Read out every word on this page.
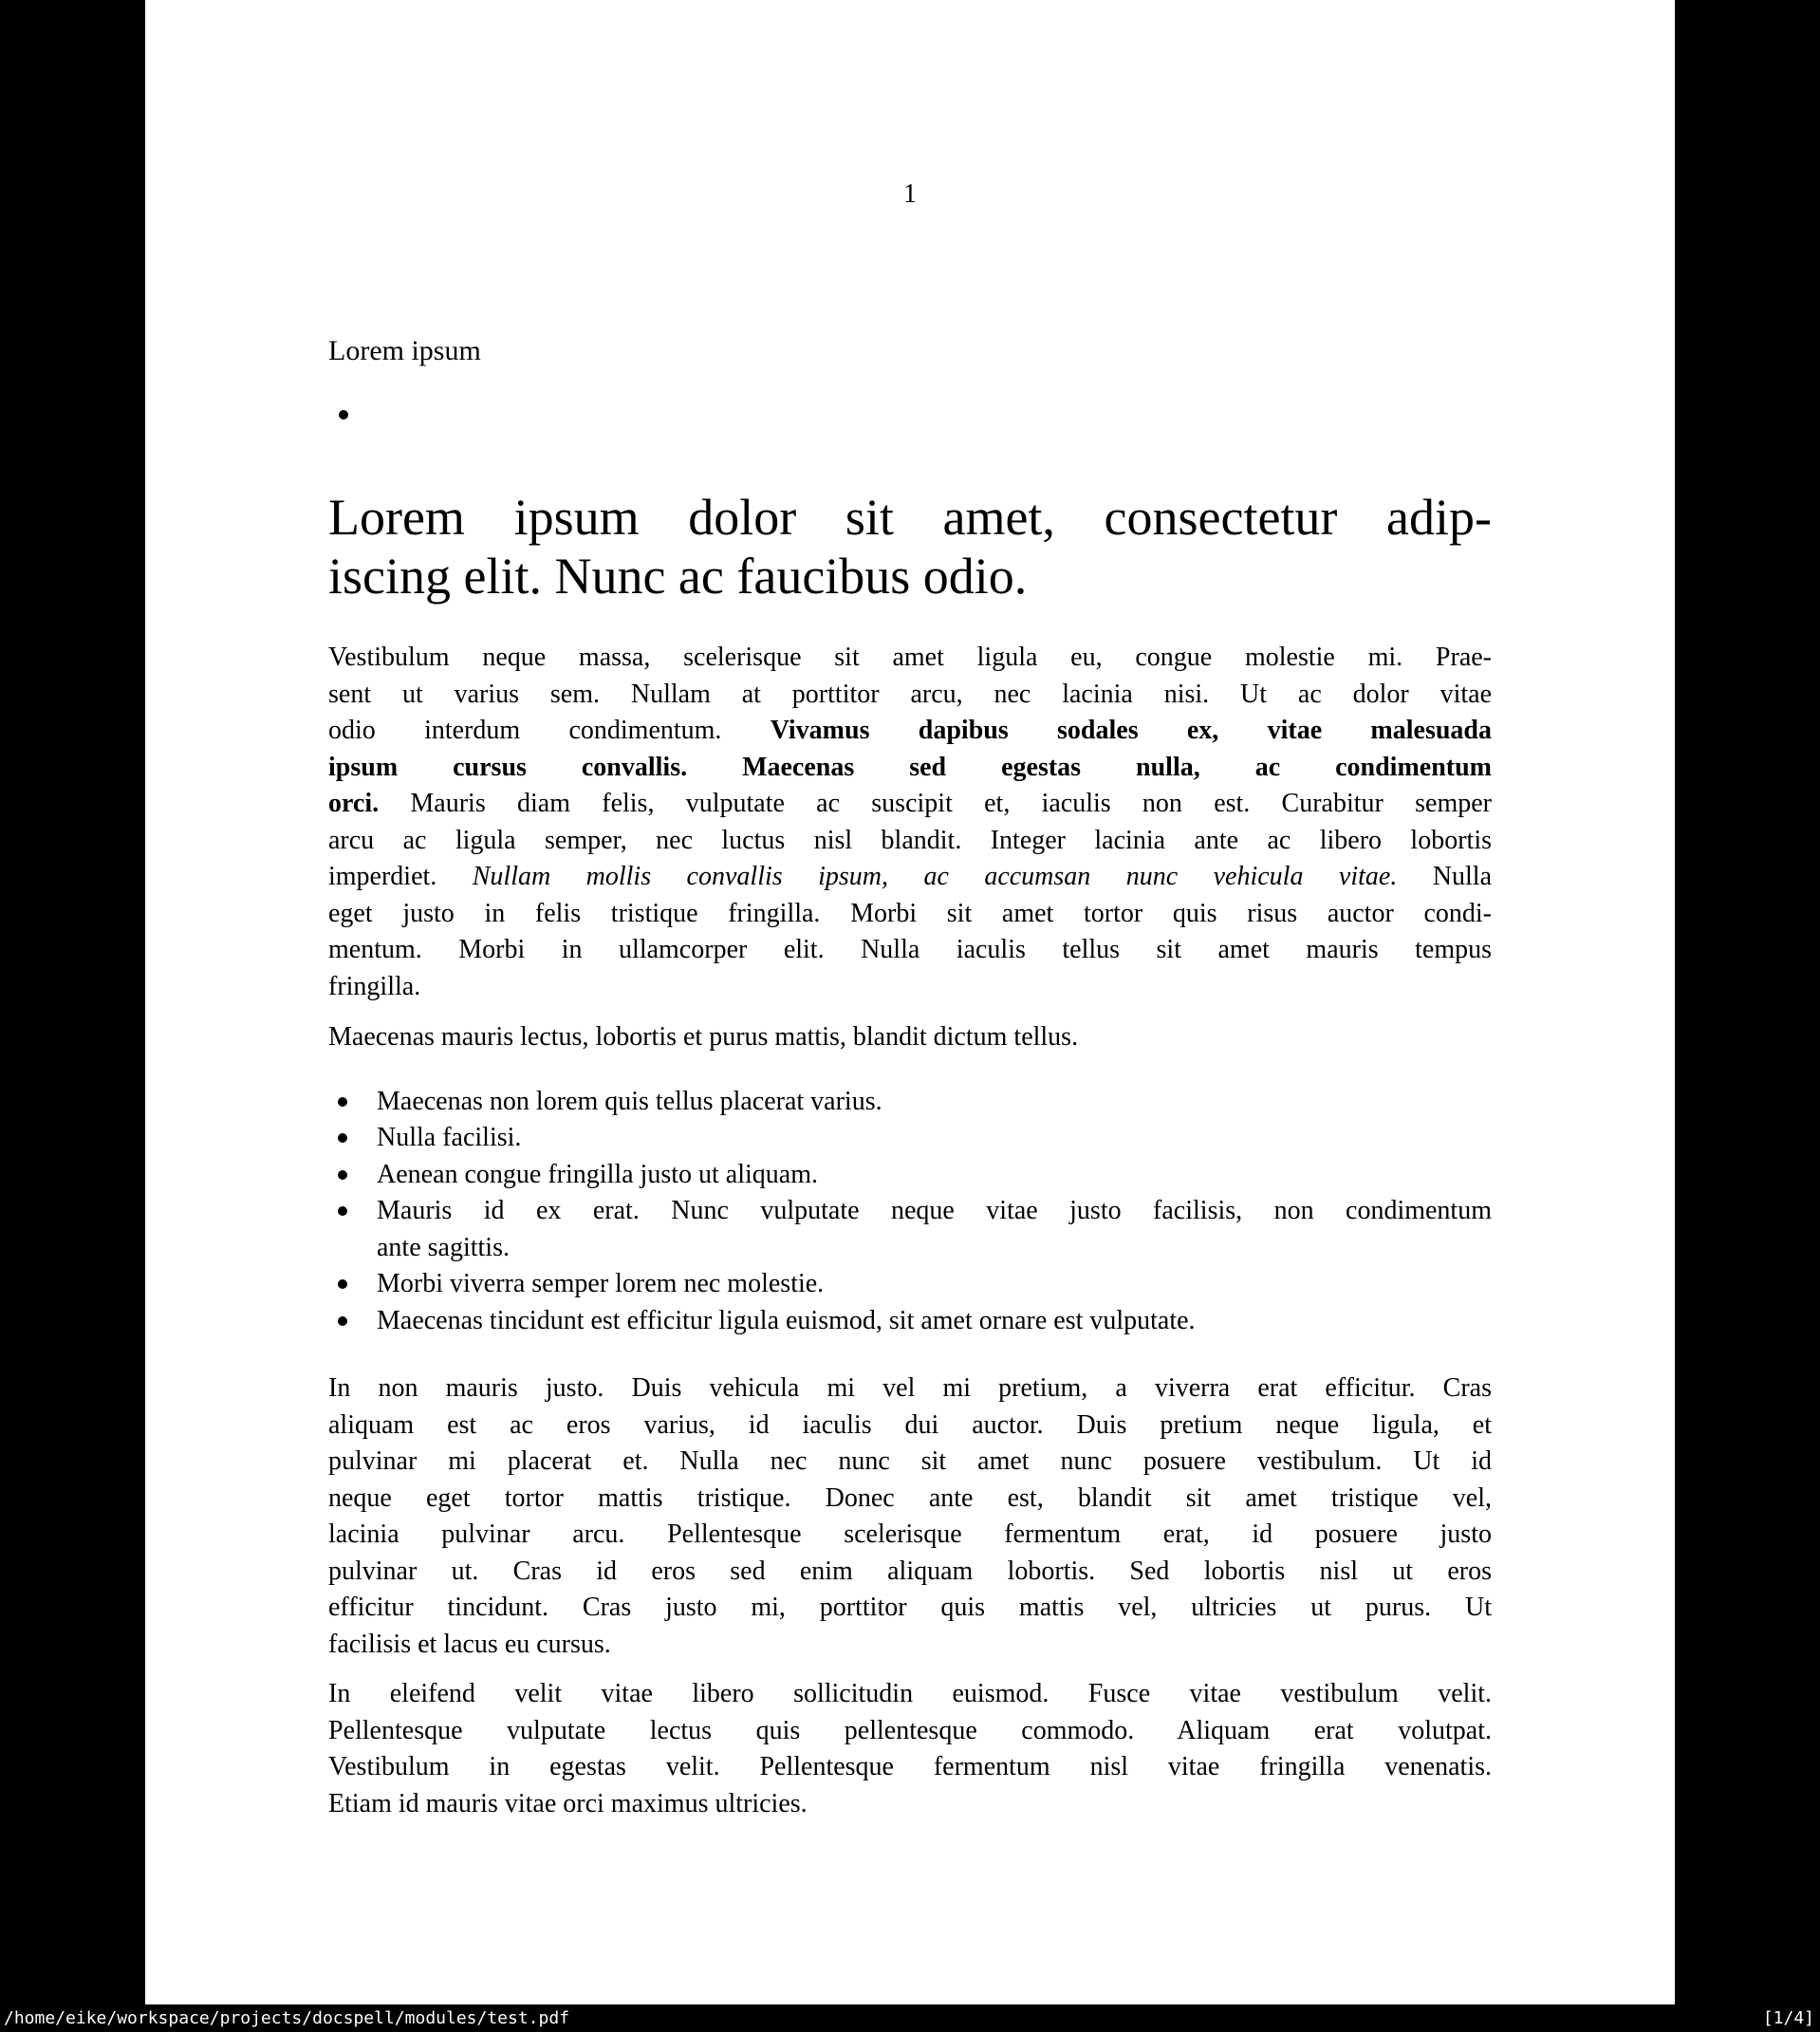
1
Lorem ipsum
Lorem ipsum dolor sit amet, consectetur adip-
iscing elit. Nunc ac faucibus odio.
Vestibulum neque massa, scelerisque sit amet ligula eu, congue molestie mi. Prae-
sent ut varius sem. Nullam at porttitor arcu, nec lacinia nisi. Ut ac dolor vitae
odio interdum condimentum. Vivamus dapibus sodales ex, vitae malesuada
ipsum cursus convallis. Maecenas sed egestas nulla, ac condimentum
orci. Mauris diam felis, vulputate ac suscipit et, iaculis non est. Curabitur semper
arcu ac ligula semper, nec luctus nisl blandit. Integer lacinia ante ac libero lobortis
imperdiet. Nullam mollis convallis ipsum, ac accumsan nunc vehicula vitae. Nulla
eget justo in felis tristique fringilla. Morbi sit amet tortor quis risus auctor condi-
mentum. Morbi in ullamcorper elit. Nulla iaculis tellus sit amet mauris tempus
fringilla.
Maecenas mauris lectus, lobortis et purus mattis, blandit dictum tellus.
Maecenas non lorem quis tellus placerat varius.
Nulla facilisi.
Aenean congue fringilla justo ut aliquam.
Mauris id ex erat. Nunc vulputate neque vitae justo facilisis, non condimentum
ante sagittis.
Morbi viverra semper lorem nec molestie.
Maecenas tincidunt est efficitur ligula euismod, sit amet ornare est vulputate.
In non mauris justo. Duis vehicula mi vel mi pretium, a viverra erat efficitur. Cras
aliquam est ac eros varius, id iaculis dui auctor. Duis pretium neque ligula, et
pulvinar mi placerat et. Nulla nec nunc sit amet nunc posuere vestibulum. Ut id
neque eget tortor mattis tristique. Donec ante est, blandit sit amet tristique vel,
lacinia pulvinar arcu. Pellentesque scelerisque fermentum erat, id posuere justo
pulvinar ut. Cras id eros sed enim aliquam lobortis. Sed lobortis nisl ut eros
efficitur tincidunt. Cras justo mi, porttitor quis mattis vel, ultricies ut purus. Ut
facilisis et lacus eu cursus.
In eleifend velit vitae libero sollicitudin euismod. Fusce vitae vestibulum velit.
Pellentesque vulputate lectus quis pellentesque commodo. Aliquam erat volutpat.
Vestibulum in egestas velit. Pellentesque fermentum nisl vitae fringilla venenatis.
Etiam id mauris vitae orci maximus ultricies.
/home/eike/workspace/projects/docspell/modules/test.pdf	[1/4]
